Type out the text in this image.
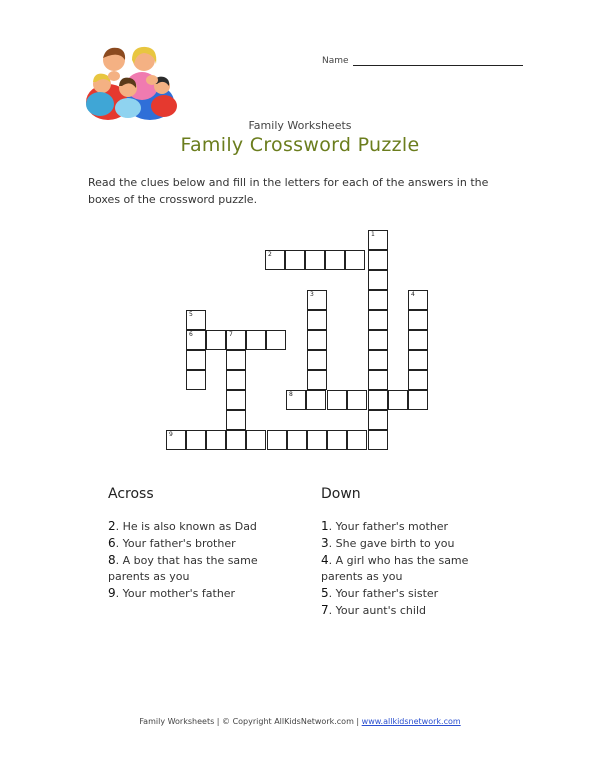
Name
Family Worksheets
Family Crossword Puzzle
Read the clues below and fill in the letters for each of the answers in the boxes of the crossword puzzle.
1
2
3	4
5
6	7
8
9
Across	Down
2. He is also known as Dad
6. Your father's brother
8. A boy that has the same parents as you
9. Your mother's father
1. Your father's mother
3. She gave birth to you
4. A girl who has the same parents as you
5. Your father's sister
7. Your aunt's child
Family Worksheets | © Copyright AllKidsNetwork.com | www.allkidsnetwork.com
